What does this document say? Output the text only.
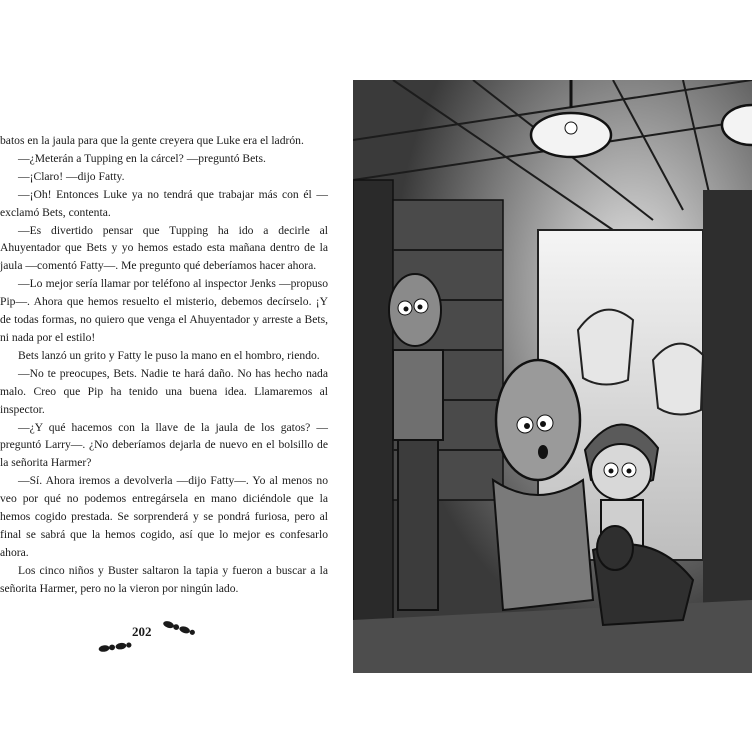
batos en la jaula para que la gente creyera que Luke era el ladrón.

—¿Meterán a Tupping en la cárcel? —preguntó Bets.

—¡Claro! —dijo Fatty.

—¡Oh! Entonces Luke ya no tendrá que trabajar más con él —exclamó Bets, contenta.

—Es divertido pensar que Tupping ha ido a decirle al Ahuyentador que Bets y yo hemos estado esta mañana dentro de la jaula —comentó Fatty—. Me pregunto qué deberíamos hacer ahora.

—Lo mejor sería llamar por teléfono al inspector Jenks —propuso Pip—. Ahora que hemos resuelto el misterio, debemos decírselo. ¡Y de todas formas, no quiero que venga el Ahuyentador y arreste a Bets, ni nada por el estilo!

Bets lanzó un grito y Fatty le puso la mano en el hombro, riendo.

—No te preocupes, Bets. Nadie te hará daño. No has hecho nada malo. Creo que Pip ha tenido una buena idea. Llamaremos al inspector.

—¿Y qué hacemos con la llave de la jaula de los gatos? —preguntó Larry—. ¿No deberíamos dejarla de nuevo en el bolsillo de la señorita Harmer?

—Sí. Ahora iremos a devolverla —dijo Fatty—. Yo al menos no veo por qué no podemos entregársela en mano diciéndole que la hemos cogido prestada. Se sorprenderá y se pondrá furiosa, pero al final se sabrá que la hemos cogido, así que lo mejor es confesarlo ahora.

Los cinco niños y Buster saltaron la tapia y fueron a buscar a la señorita Harmer, pero no la vieron por ningún lado.

202
